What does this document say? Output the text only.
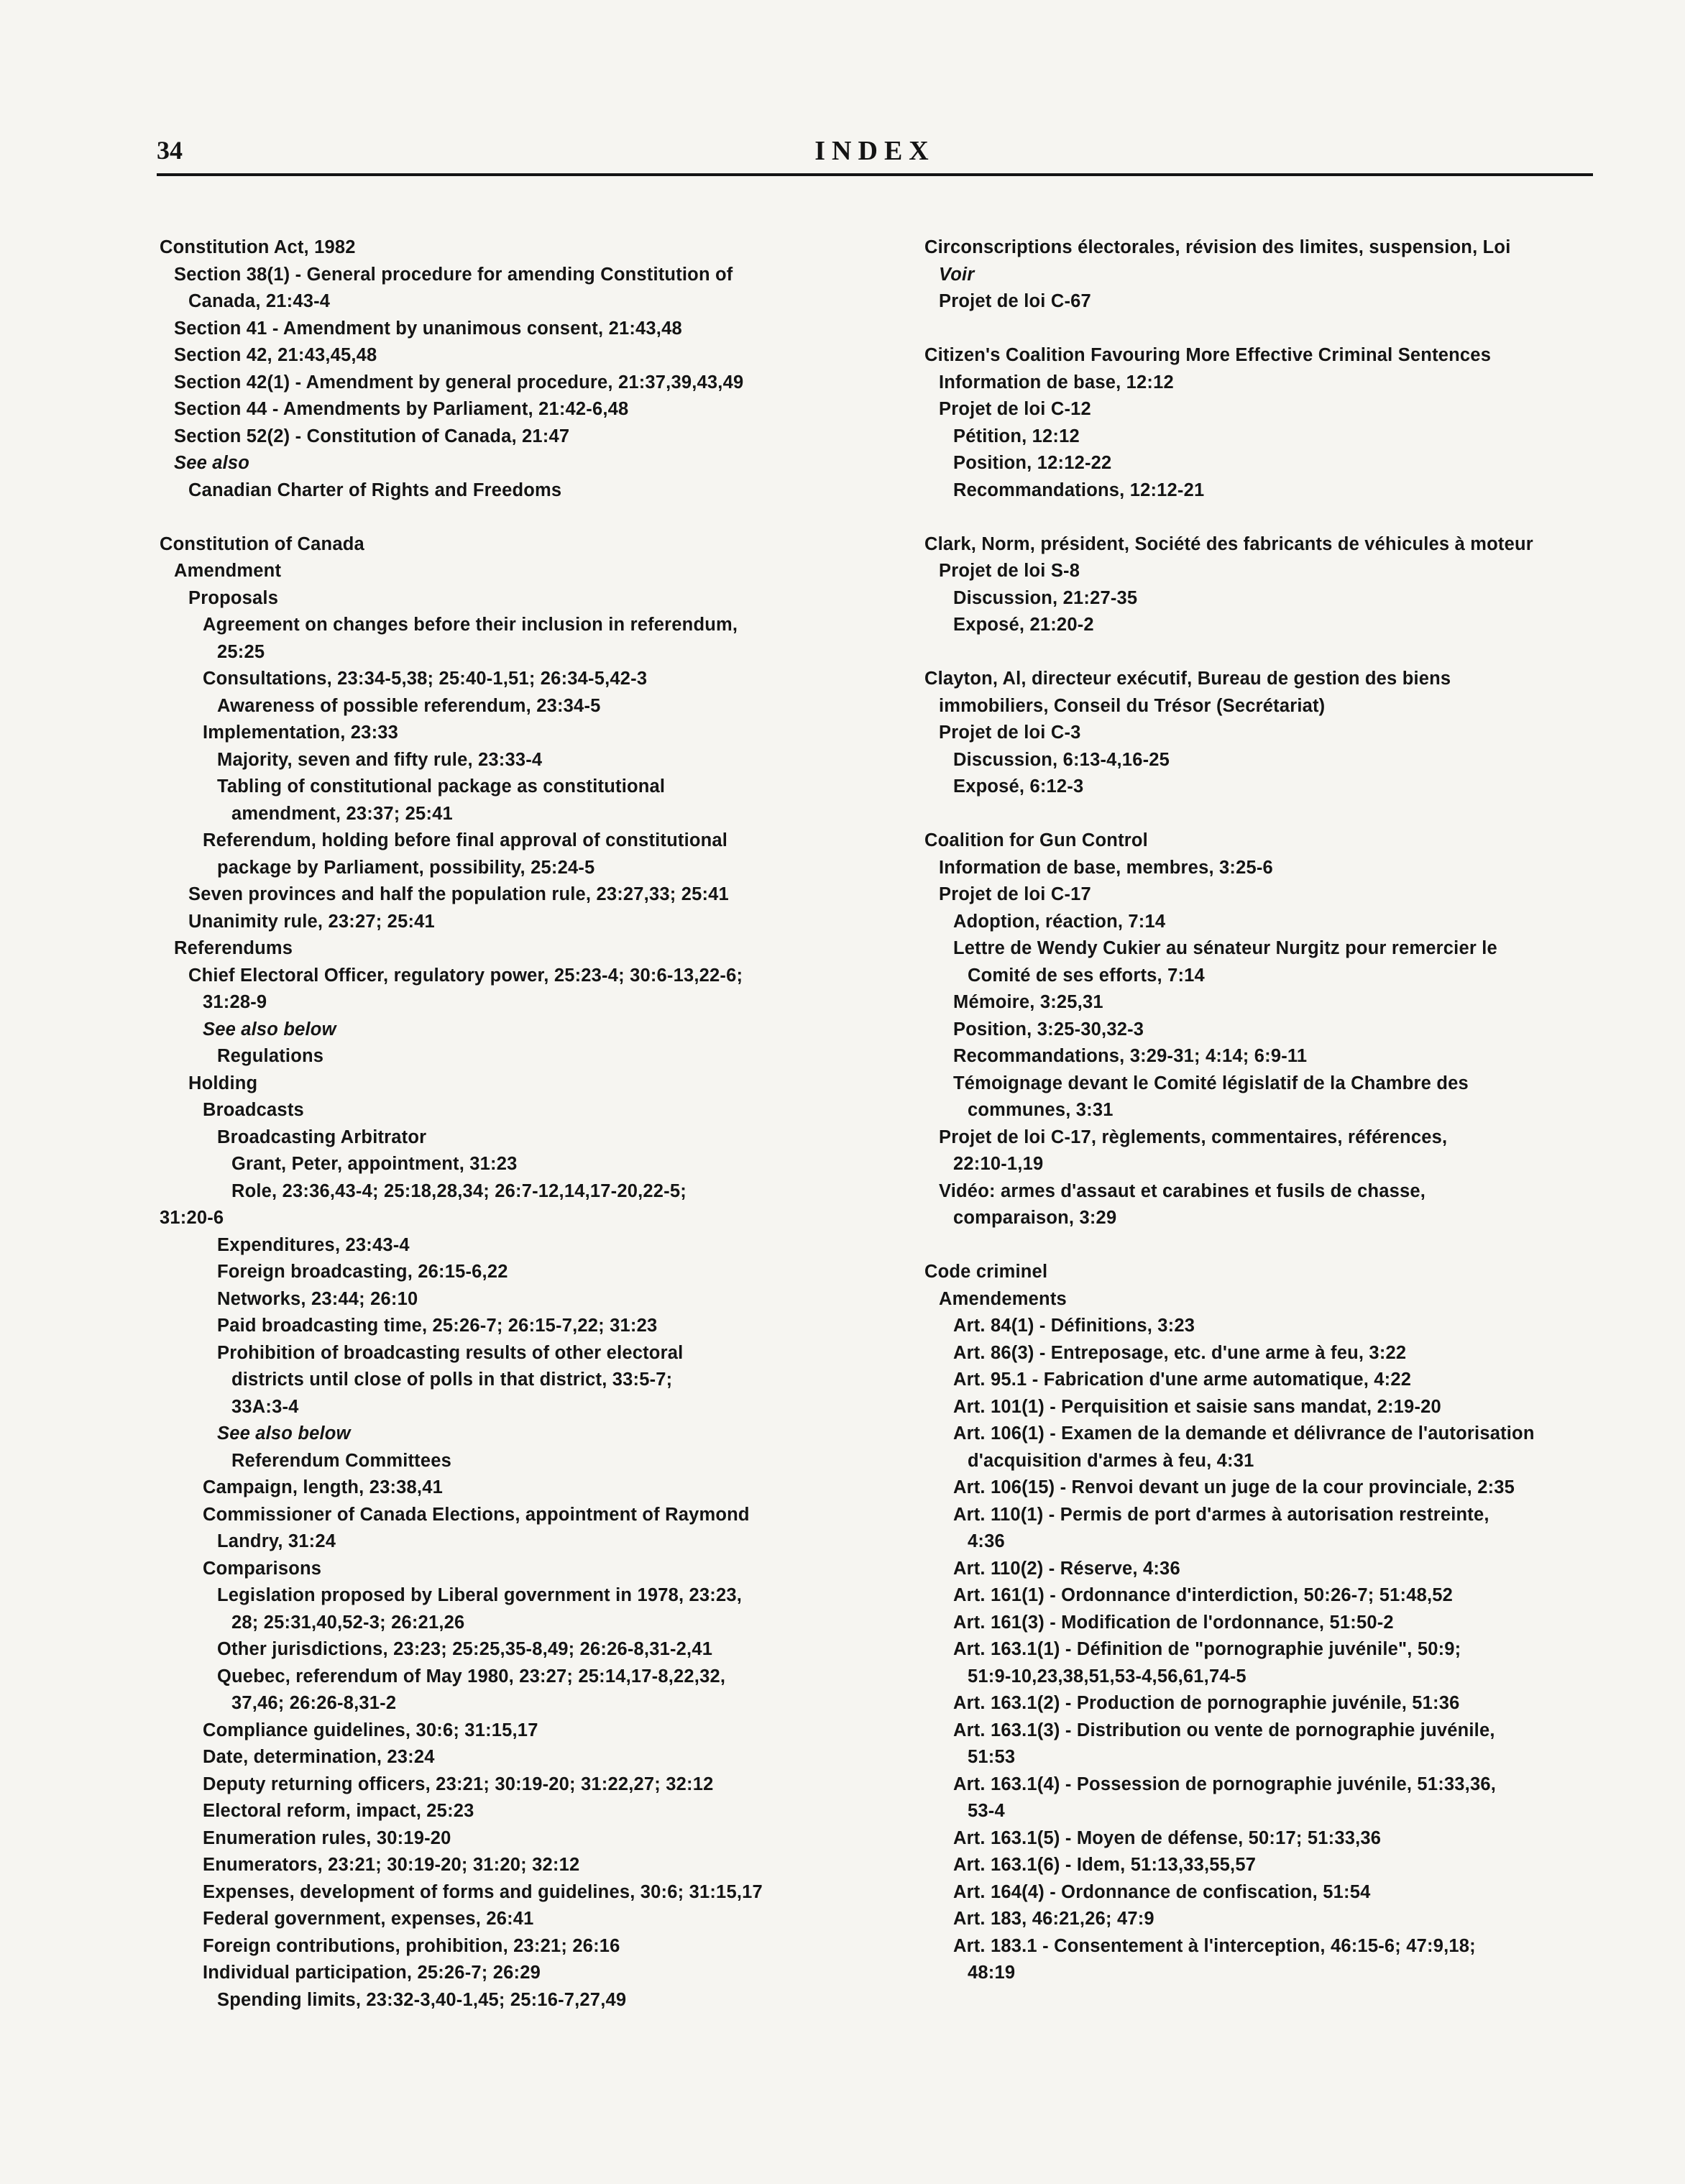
34	INDEX
Constitution Act, 1982
Section 38(1) - General procedure for amending Constitution of
Canada, 21:43-4
Section 41 - Amendment by unanimous consent, 21:43,48
Section 42, 21:43,45,48
Section 42(1) - Amendment by general procedure, 21:37,39,43,49
Section 44 - Amendments by Parliament, 21:42-6,48
Section 52(2) - Constitution of Canada, 21:47
See also
Canadian Charter of Rights and Freedoms
Constitution of Canada
Amendment
Proposals
Agreement on changes before their inclusion in referendum,
25:25
Consultations, 23:34-5,38; 25:40-1,51; 26:34-5,42-3
Awareness of possible referendum, 23:34-5
Implementation, 23:33
Majority, seven and fifty rule, 23:33-4
Tabling of constitutional package as constitutional
amendment, 23:37; 25:41
Referendum, holding before final approval of constitutional
package by Parliament, possibility, 25:24-5
Seven provinces and half the population rule, 23:27,33; 25:41
Unanimity rule, 23:27; 25:41
Referendums
Chief Electoral Officer, regulatory power, 25:23-4; 30:6-13,22-6;
31:28-9
See also below
Regulations
Holding
Broadcasts
Broadcasting Arbitrator
Grant, Peter, appointment, 31:23
Role, 23:36,43-4; 25:18,28,34; 26:7-12,14,17-20,22-5;
31:20-6
Expenditures, 23:43-4
Foreign broadcasting, 26:15-6,22
Networks, 23:44; 26:10
Paid broadcasting time, 25:26-7; 26:15-7,22; 31:23
Prohibition of broadcasting results of other electoral
districts until close of polls in that district, 33:5-7;
33A:3-4
See also below
Referendum Committees
Campaign, length, 23:38,41
Commissioner of Canada Elections, appointment of Raymond
Landry, 31:24
Comparisons
Legislation proposed by Liberal government in 1978, 23:23,
28; 25:31,40,52-3; 26:21,26
Other jurisdictions, 23:23; 25:25,35-8,49; 26:26-8,31-2,41
Quebec, referendum of May 1980, 23:27; 25:14,17-8,22,32,
37,46; 26:26-8,31-2
Compliance guidelines, 30:6; 31:15,17
Date, determination, 23:24
Deputy returning officers, 23:21; 30:19-20; 31:22,27; 32:12
Electoral reform, impact, 25:23
Enumeration rules, 30:19-20
Enumerators, 23:21; 30:19-20; 31:20; 32:12
Expenses, development of forms and guidelines, 30:6; 31:15,17
Federal government, expenses, 26:41
Foreign contributions, prohibition, 23:21; 26:16
Individual participation, 25:26-7; 26:29
Spending limits, 23:32-3,40-1,45; 25:16-7,27,49
Circonscriptions électorales, révision des limites, suspension, Loi
Voir
Projet de loi C-67
Citizen's Coalition Favouring More Effective Criminal Sentences
Information de base, 12:12
Projet de loi C-12
Pétition, 12:12
Position, 12:12-22
Recommandations, 12:12-21
Clark, Norm, président, Société des fabricants de véhicules à moteur
Projet de loi S-8
Discussion, 21:27-35
Exposé, 21:20-2
Clayton, Al, directeur exécutif, Bureau de gestion des biens
immobiliers, Conseil du Trésor (Secrétariat)
Projet de loi C-3
Discussion, 6:13-4,16-25
Exposé, 6:12-3
Coalition for Gun Control
Information de base, membres, 3:25-6
Projet de loi C-17
Adoption, réaction, 7:14
Lettre de Wendy Cukier au sénateur Nurgitz pour remercier le
Comité de ses efforts, 7:14
Mémoire, 3:25,31
Position, 3:25-30,32-3
Recommandations, 3:29-31; 4:14; 6:9-11
Témoignage devant le Comité législatif de la Chambre des
communes, 3:31
Projet de loi C-17, règlements, commentaires, références,
22:10-1,19
Vidéo: armes d'assaut et carabines et fusils de chasse,
comparaison, 3:29
Code criminel
Amendements
Art. 84(1) - Définitions, 3:23
Art. 86(3) - Entreposage, etc. d'une arme à feu, 3:22
Art. 95.1 - Fabrication d'une arme automatique, 4:22
Art. 101(1) - Perquisition et saisie sans mandat, 2:19-20
Art. 106(1) - Examen de la demande et délivrance de l'autorisation
d'acquisition d'armes à feu, 4:31
Art. 106(15) - Renvoi devant un juge de la cour provinciale, 2:35
Art. 110(1) - Permis de port d'armes à autorisation restreinte,
4:36
Art. 110(2) - Réserve, 4:36
Art. 161(1) - Ordonnance d'interdiction, 50:26-7; 51:48,52
Art. 161(3) - Modification de l'ordonnance, 51:50-2
Art. 163.1(1) - Définition de "pornographie juvénile", 50:9;
51:9-10,23,38,51,53-4,56,61,74-5
Art. 163.1(2) - Production de pornographie juvénile, 51:36
Art. 163.1(3) - Distribution ou vente de pornographie juvénile,
51:53
Art. 163.1(4) - Possession de pornographie juvénile, 51:33,36,
53-4
Art. 163.1(5) - Moyen de défense, 50:17; 51:33,36
Art. 163.1(6) - Idem, 51:13,33,55,57
Art. 164(4) - Ordonnance de confiscation, 51:54
Art. 183, 46:21,26; 47:9
Art. 183.1 - Consentement à l'interception, 46:15-6; 47:9,18;
48:19
